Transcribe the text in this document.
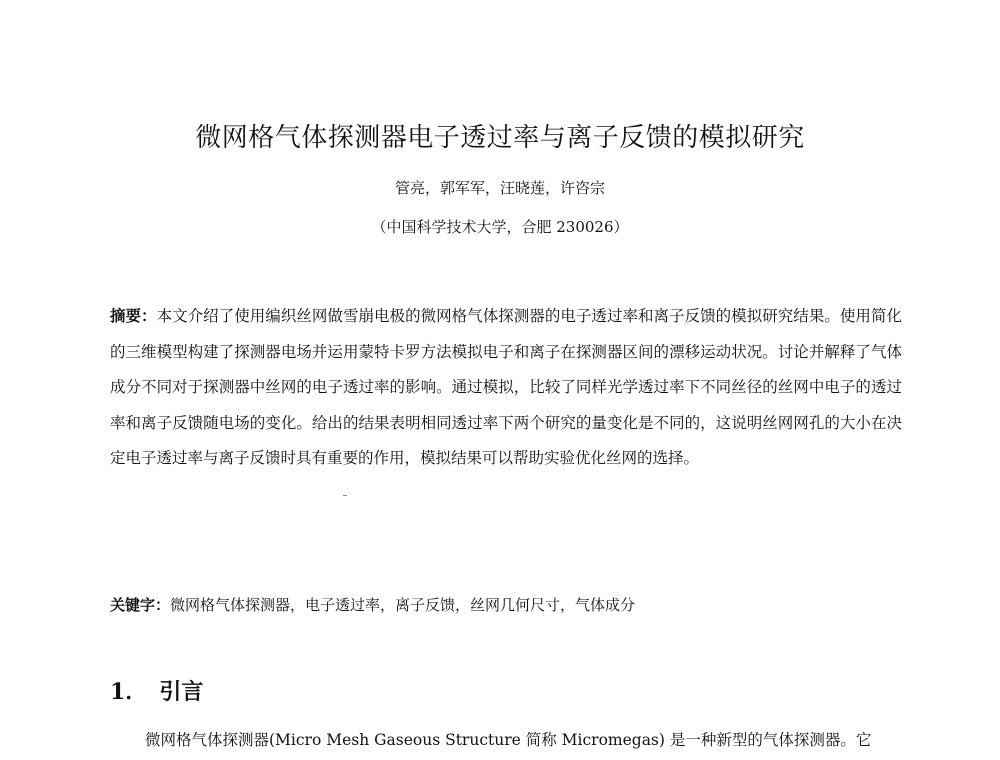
微网格气体探测器电子透过率与离子反馈的模拟研究
管亮，郭军军，汪晓莲，许咨宗
（中国科学技术大学，合肥 230026）

摘要：本文介绍了使用编织丝网做雪崩电极的微网格气体探测器的电子透过率和离子反馈的模拟研究结果。使用简化的三维模型构建了探测器电场并运用蒙特卡罗方法模拟电子和离子在探测器区间的漂移运动状况。讨论并解释了气体成分不同对于探测器中丝网的电子透过率的影响。通过模拟，比较了同样光学透过率下不同丝径的丝网中电子的透过率和离子反馈随电场的变化。给出的结果表明相同透过率下两个研究的量变化是不同的，这说明丝网网孔的大小在决定电子透过率与离子反馈时具有重要的作用，模拟结果可以帮助实验优化丝网的选择。

关键字：微网格气体探测器，电子透过率，离子反馈，丝网几何尺寸，气体成分
1． 引言

微网格气体探测器(Micro Mesh Gaseous Structure 简称 Micromegas) 是一种新型的气体探测器。它
